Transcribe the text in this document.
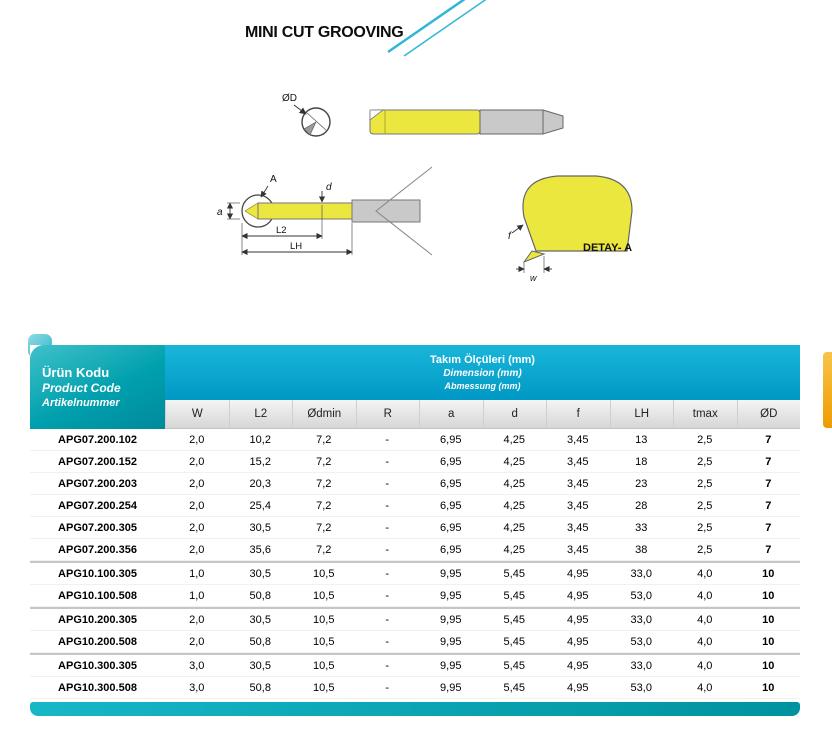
MINI CUT GROOVING
ØD
A
d
a
L2
LH
w
f
DETAY- A
Ürün Kodu
Product Code
Artikelnummer

Takım Ölçüleri (mm)
Dimension (mm)
Abmessung (mm)

	W	L2	Ødmin	R	a	d	f	LH	tmax	ØD
APG07.200.102	2,0	10,2	7,2	-	6,95	4,25	3,45	13	2,5	7
APG07.200.152	2,0	15,2	7,2	-	6,95	4,25	3,45	18	2,5	7
APG07.200.203	2,0	20,3	7,2	-	6,95	4,25	3,45	23	2,5	7
APG07.200.254	2,0	25,4	7,2	-	6,95	4,25	3,45	28	2,5	7
APG07.200.305	2,0	30,5	7,2	-	6,95	4,25	3,45	33	2,5	7
APG07.200.356	2,0	35,6	7,2	-	6,95	4,25	3,45	38	2,5	7
APG10.100.305	1,0	30,5	10,5	-	9,95	5,45	4,95	33,0	4,0	10
APG10.100.508	1,0	50,8	10,5	-	9,95	5,45	4,95	53,0	4,0	10
APG10.200.305	2,0	30,5	10,5	-	9,95	5,45	4,95	33,0	4,0	10
APG10.200.508	2,0	50,8	10,5	-	9,95	5,45	4,95	53,0	4,0	10
APG10.300.305	3,0	30,5	10,5	-	9,95	5,45	4,95	33,0	4,0	10
APG10.300.508	3,0	50,8	10,5	-	9,95	5,45	4,95	53,0	4,0	10
